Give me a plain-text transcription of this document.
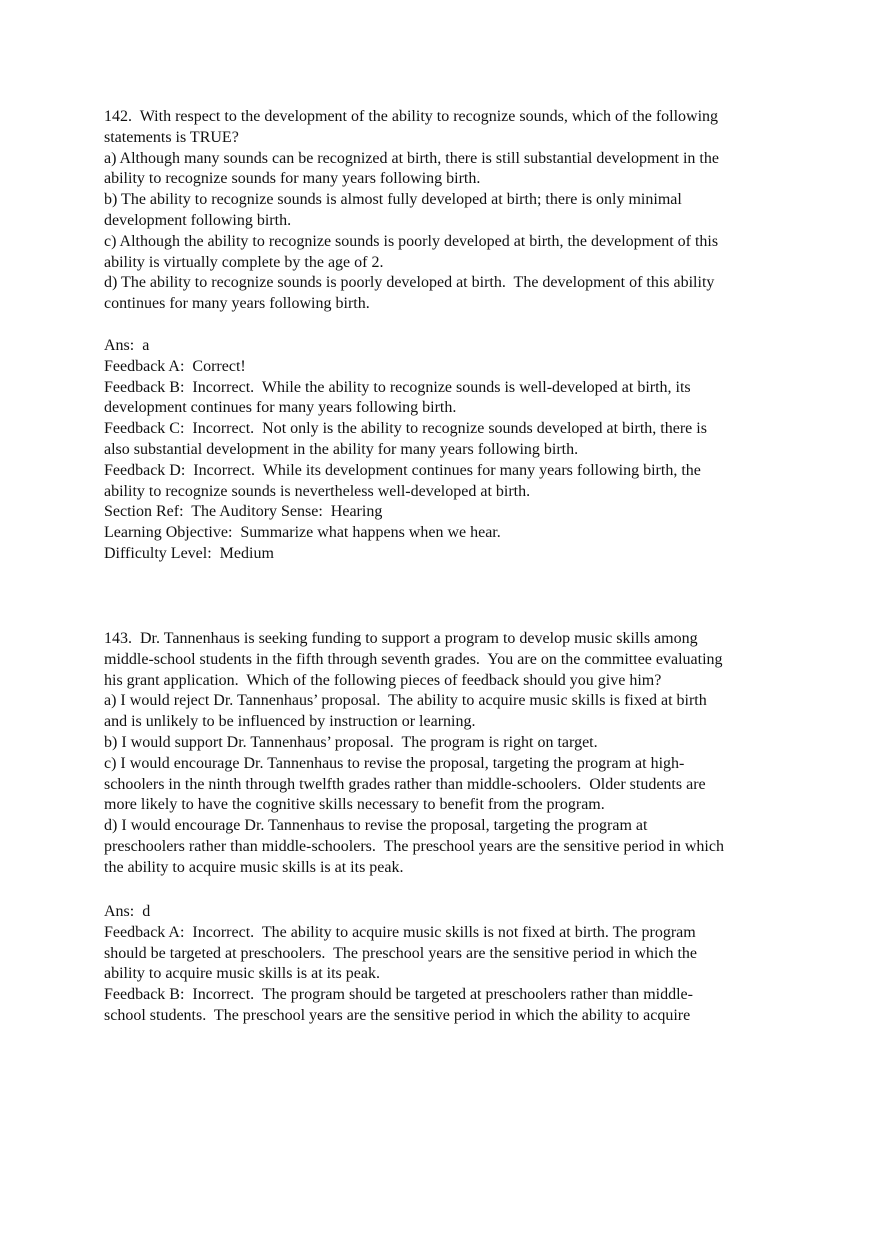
142.  With respect to the development of the ability to recognize sounds, which of the following
statements is TRUE?
a) Although many sounds can be recognized at birth, there is still substantial development in the
ability to recognize sounds for many years following birth.
b) The ability to recognize sounds is almost fully developed at birth; there is only minimal
development following birth.
c) Although the ability to recognize sounds is poorly developed at birth, the development of this
ability is virtually complete by the age of 2.
d) The ability to recognize sounds is poorly developed at birth.  The development of this ability
continues for many years following birth.

Ans:  a
Feedback A:  Correct!
Feedback B:  Incorrect.  While the ability to recognize sounds is well-developed at birth, its
development continues for many years following birth.
Feedback C:  Incorrect.  Not only is the ability to recognize sounds developed at birth, there is
also substantial development in the ability for many years following birth.
Feedback D:  Incorrect.  While its development continues for many years following birth, the
ability to recognize sounds is nevertheless well-developed at birth.
Section Ref:  The Auditory Sense:  Hearing
Learning Objective:  Summarize what happens when we hear.
Difficulty Level:  Medium

143.  Dr. Tannenhaus is seeking funding to support a program to develop music skills among
middle-school students in the fifth through seventh grades.  You are on the committee evaluating
his grant application.  Which of the following pieces of feedback should you give him?
a) I would reject Dr. Tannenhaus’ proposal.  The ability to acquire music skills is fixed at birth
and is unlikely to be influenced by instruction or learning.
b) I would support Dr. Tannenhaus’ proposal.  The program is right on target.
c) I would encourage Dr. Tannenhaus to revise the proposal, targeting the program at high-
schoolers in the ninth through twelfth grades rather than middle-schoolers.  Older students are
more likely to have the cognitive skills necessary to benefit from the program.
d) I would encourage Dr. Tannenhaus to revise the proposal, targeting the program at
preschoolers rather than middle-schoolers.  The preschool years are the sensitive period in which
the ability to acquire music skills is at its peak.

Ans:  d
Feedback A:  Incorrect.  The ability to acquire music skills is not fixed at birth. The program
should be targeted at preschoolers.  The preschool years are the sensitive period in which the
ability to acquire music skills is at its peak.
Feedback B:  Incorrect.  The program should be targeted at preschoolers rather than middle-
school students.  The preschool years are the sensitive period in which the ability to acquire
